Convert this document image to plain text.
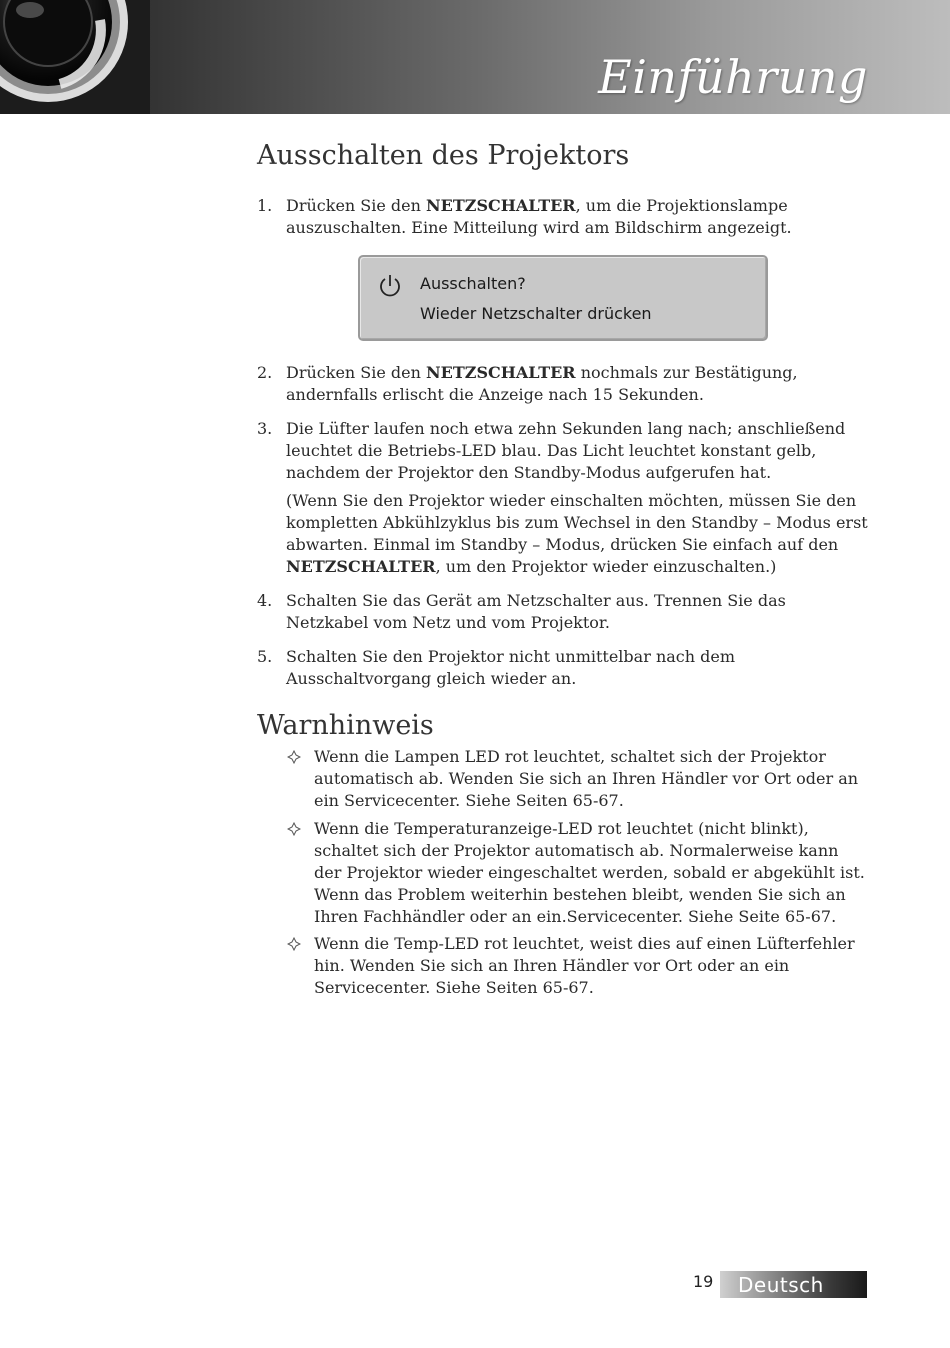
Einführung
Ausschalten des Projektors
1. Drücken Sie den NETZSCHALTER, um die Projektionslampe auszuschalten. Eine Mitteilung wird am Bildschirm angezeigt.
Ausschalten?
Wieder Netzschalter drücken
2. Drücken Sie den NETZSCHALTER nochmals zur Bestätigung, andernfalls erlischt die Anzeige nach 15 Sekunden.
3. Die Lüfter laufen noch etwa zehn Sekunden lang nach; anschließend leuchtet die Betriebs-LED blau. Das Licht leuchtet konstant gelb, nachdem der Projektor den Standby-Modus aufgerufen hat.
(Wenn Sie den Projektor wieder einschalten möchten, müssen Sie den kompletten Abkühlzyklus bis zum Wechsel in den Standby – Modus erst abwarten. Einmal im Standby – Modus, drücken Sie einfach auf den NETZSCHALTER, um den Projektor wieder einzuschalten.)
4. Schalten Sie das Gerät am Netzschalter aus. Trennen Sie das Netzkabel vom Netz und vom Projektor.
5. Schalten Sie den Projektor nicht unmittelbar nach dem Ausschaltvorgang gleich wieder an.
Warnhinweis
Wenn die Lampen LED rot leuchtet, schaltet sich der Projektor automatisch ab. Wenden Sie sich an Ihren Händler vor Ort oder an ein Servicecenter. Siehe Seiten 65-67.
Wenn die Temperaturanzeige-LED rot leuchtet (nicht blinkt), schaltet sich der Projektor automatisch ab. Normalerweise kann der Projektor wieder eingeschaltet werden, sobald er abgekühlt ist. Wenn das Problem weiterhin bestehen bleibt, wenden Sie sich an Ihren Fachhändler oder an ein.Servicecenter. Siehe Seite 65-67.
Wenn die Temp-LED rot leuchtet, weist dies auf einen Lüfterfehler hin. Wenden Sie sich an Ihren Händler vor Ort oder an ein Servicecenter. Siehe Seiten 65-67.
19 Deutsch
